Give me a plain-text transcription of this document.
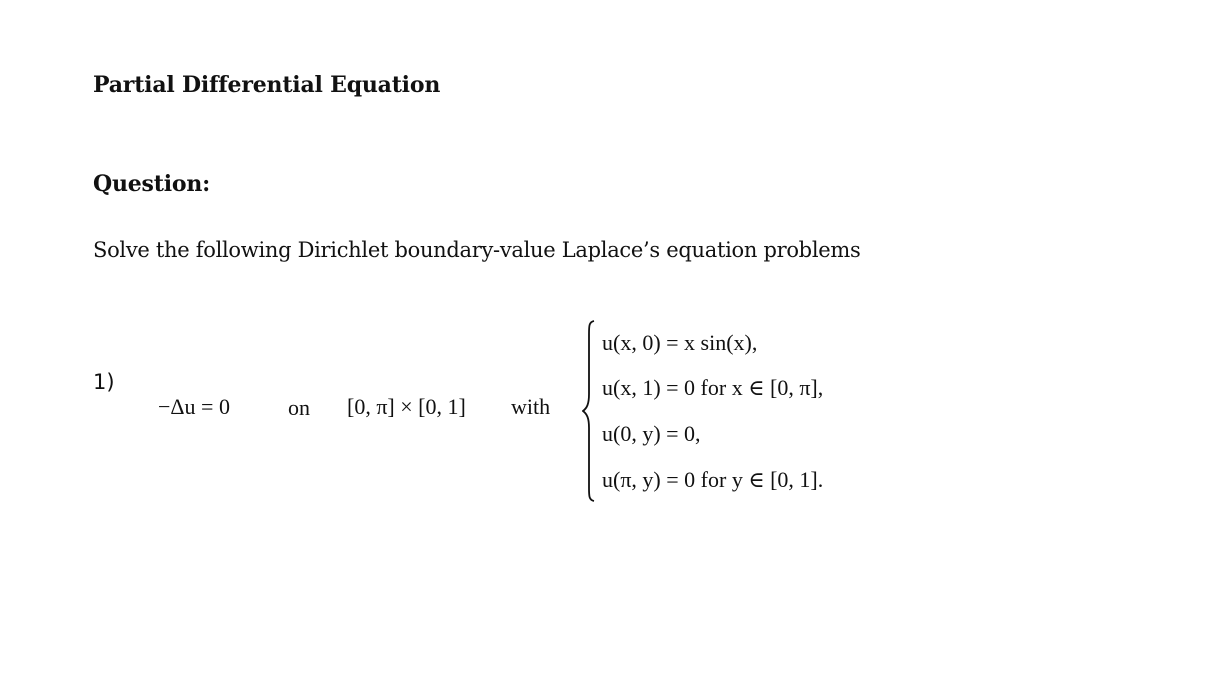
Partial Differential Equation
Question:
Solve the following Dirichlet boundary-value Laplace’s equation problems
1)
−Δu = 0	on [0, π] × [0, 1] with
u(x, 0) = x sin(x),
u(x, 1) = 0 for x ∈ [0, π],
u(0, y) = 0,
u(π, y) = 0 for y ∈ [0, 1].
